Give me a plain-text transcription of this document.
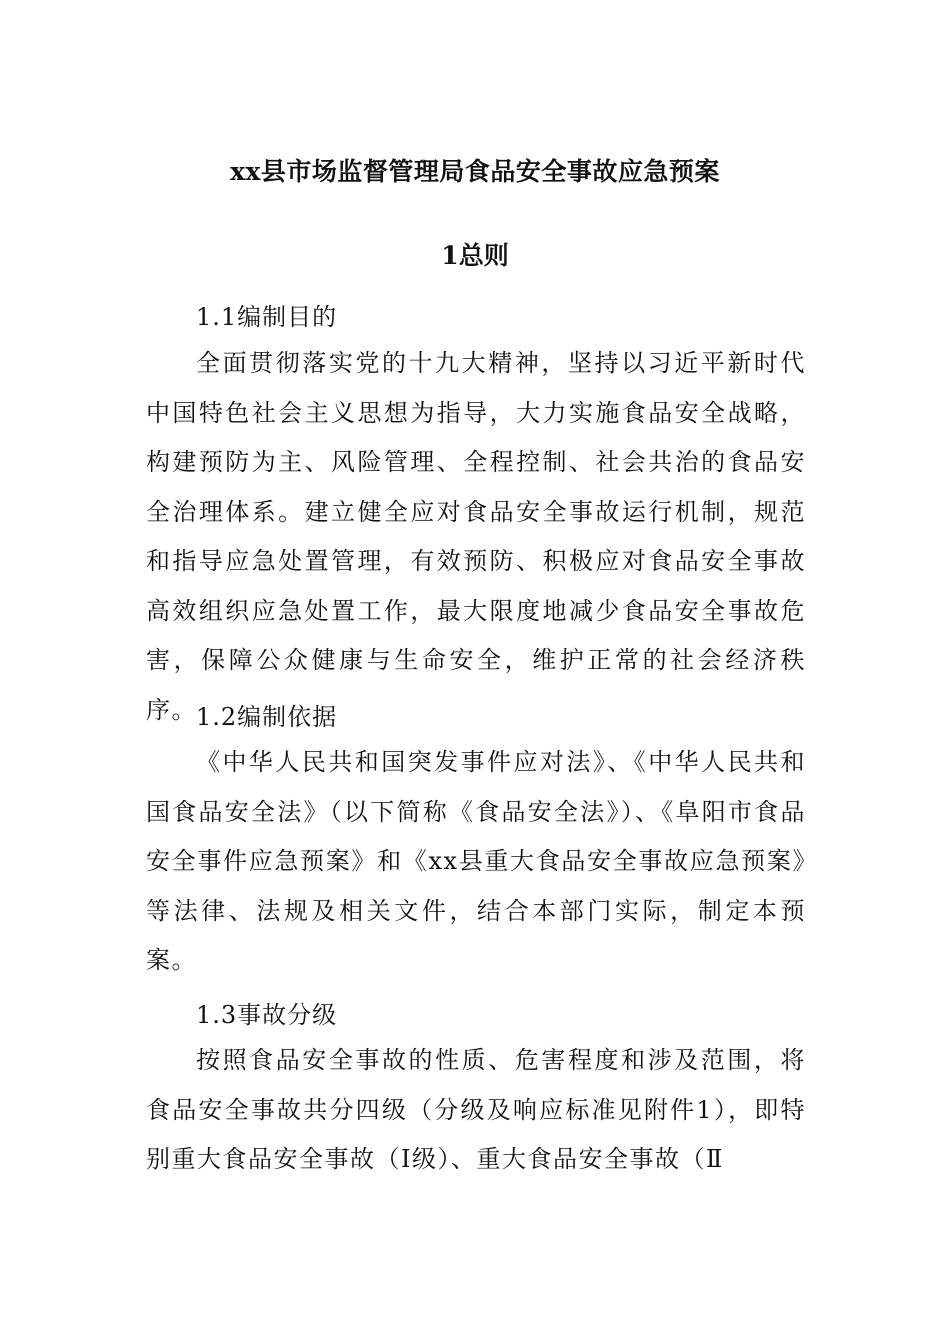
xx县市场监督管理局食品安全事故应急预案
1总则
1.1编制目的
全面贯彻落实党的十九大精神，坚持以习近平新时代中国特色社会主义思想为指导，大力实施食品安全战略，构建预防为主、风险管理、全程控制、社会共治的食品安全治理体系。建立健全应对食品安全事故运行机制，规范和指导应急处置管理，有效预防、积极应对食品安全事故高效组织应急处置工作，最大限度地减少食品安全事故危害，保障公众健康与生命安全，维护正常的社会经济秩序。 1.2编制依据
《中华人民共和国突发事件应对法》、《中华人民共和国食品安全法》（以下简称《食品安全法》）、《阜阳市食品安全事件应急预案》和《xx县重大食品安全事故应急预案》等法律、法规及相关文件，结合本部门实际，制定本预案。
1.3事故分级
按照食品安全事故的性质、危害程度和涉及范围，将食品安全事故共分四级（分级及响应标准见附件1），即特别重大食品安全事故（Ⅰ级）、重大食品安全事故（Ⅱ
